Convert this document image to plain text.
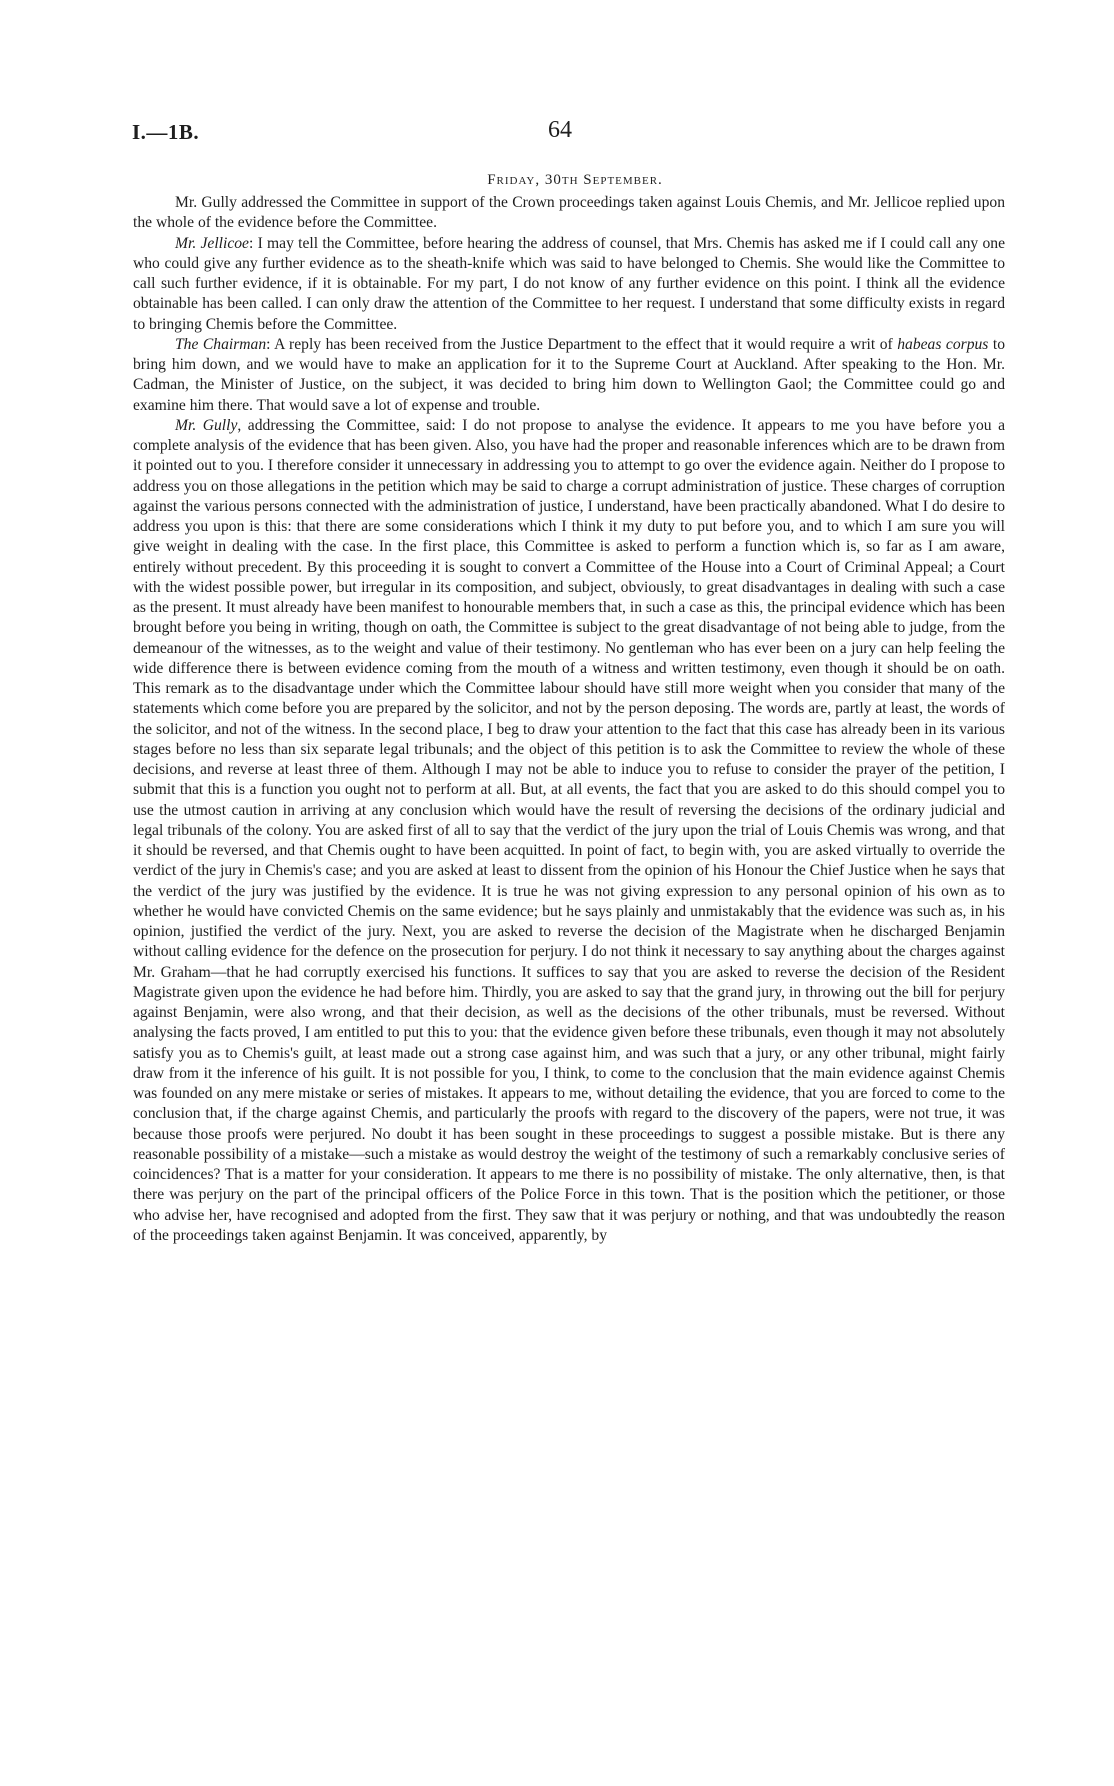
I.—1B.	64
Friday, 30th September.

Mr. Gully addressed the Committee in support of the Crown proceedings taken against Louis Chemis, and Mr. Jellicoe replied upon the whole of the evidence before the Committee.

Mr. Jellicoe: I may tell the Committee, before hearing the address of counsel, that Mrs. Chemis has asked me if I could call any one who could give any further evidence as to the sheath-knife which was said to have belonged to Chemis. She would like the Committee to call such further evidence, if it is obtainable. For my part, I do not know of any further evidence on this point. I think all the evidence obtainable has been called. I can only draw the attention of the Committee to her request. I understand that some difficulty exists in regard to bringing Chemis before the Committee.

The Chairman: A reply has been received from the Justice Department to the effect that it would require a writ of habeas corpus to bring him down, and we would have to make an application for it to the Supreme Court at Auckland. After speaking to the Hon. Mr. Cadman, the Minister of Justice, on the subject, it was decided to bring him down to Wellington Gaol; the Committee could go and examine him there. That would save a lot of expense and trouble.

Mr. Gully, addressing the Committee, said: I do not propose to analyse the evidence. It appears to me you have before you a complete analysis of the evidence that has been given. Also, you have had the proper and reasonable inferences which are to be drawn from it pointed out to you. I therefore consider it unnecessary in addressing you to attempt to go over the evidence again. Neither do I propose to address you on those allegations in the petition which may be said to charge a corrupt administration of justice. These charges of corruption against the various persons connected with the administration of justice, I understand, have been practically abandoned. What I do desire to address you upon is this: that there are some considerations which I think it my duty to put before you, and to which I am sure you will give weight in dealing with the case. In the first place, this Committee is asked to perform a function which is, so far as I am aware, entirely without precedent. By this proceeding it is sought to convert a Committee of the House into a Court of Criminal Appeal; a Court with the widest possible power, but irregular in its composition, and subject, obviously, to great disadvantages in dealing with such a case as the present. It must already have been manifest to honourable members that, in such a case as this, the principal evidence which has been brought before you being in writing, though on oath, the Committee is subject to the great disadvantage of not being able to judge, from the demeanour of the witnesses, as to the weight and value of their testimony. No gentleman who has ever been on a jury can help feeling the wide difference there is between evidence coming from the mouth of a witness and written testimony, even though it should be on oath. This remark as to the disadvantage under which the Committee labour should have still more weight when you consider that many of the statements which come before you are prepared by the solicitor, and not by the person deposing. The words are, partly at least, the words of the solicitor, and not of the witness. In the second place, I beg to draw your attention to the fact that this case has already been in its various stages before no less than six separate legal tribunals; and the object of this petition is to ask the Committee to review the whole of these decisions, and reverse at least three of them. Although I may not be able to induce you to refuse to consider the prayer of the petition, I submit that this is a function you ought not to perform at all. But, at all events, the fact that you are asked to do this should compel you to use the utmost caution in arriving at any conclusion which would have the result of reversing the decisions of the ordinary judicial and legal tribunals of the colony. You are asked first of all to say that the verdict of the jury upon the trial of Louis Chemis was wrong, and that it should be reversed, and that Chemis ought to have been acquitted. In point of fact, to begin with, you are asked virtually to override the verdict of the jury in Chemis's case; and you are asked at least to dissent from the opinion of his Honour the Chief Justice when he says that the verdict of the jury was justified by the evidence. It is true he was not giving expression to any personal opinion of his own as to whether he would have convicted Chemis on the same evidence; but he says plainly and unmistakably that the evidence was such as, in his opinion, justified the verdict of the jury. Next, you are asked to reverse the decision of the Magistrate when he discharged Benjamin without calling evidence for the defence on the prosecution for perjury. I do not think it necessary to say anything about the charges against Mr. Graham—that he had corruptly exercised his functions. It suffices to say that you are asked to reverse the decision of the Resident Magistrate given upon the evidence he had before him. Thirdly, you are asked to say that the grand jury, in throwing out the bill for perjury against Benjamin, were also wrong, and that their decision, as well as the decisions of the other tribunals, must be reversed. Without analysing the facts proved, I am entitled to put this to you: that the evidence given before these tribunals, even though it may not absolutely satisfy you as to Chemis's guilt, at least made out a strong case against him, and was such that a jury, or any other tribunal, might fairly draw from it the inference of his guilt. It is not possible for you, I think, to come to the conclusion that the main evidence against Chemis was founded on any mere mistake or series of mistakes. It appears to me, without detailing the evidence, that you are forced to come to the conclusion that, if the charge against Chemis, and particularly the proofs with regard to the discovery of the papers, were not true, it was because those proofs were perjured. No doubt it has been sought in these proceedings to suggest a possible mistake. But is there any reasonable possibility of a mistake—such a mistake as would destroy the weight of the testimony of such a remarkably conclusive series of coincidences? That is a matter for your consideration. It appears to me there is no possibility of mistake. The only alternative, then, is that there was perjury on the part of the principal officers of the Police Force in this town. That is the position which the petitioner, or those who advise her, have recognised and adopted from the first. They saw that it was perjury or nothing, and that was undoubtedly the reason of the proceedings taken against Benjamin. It was conceived, apparently, by
